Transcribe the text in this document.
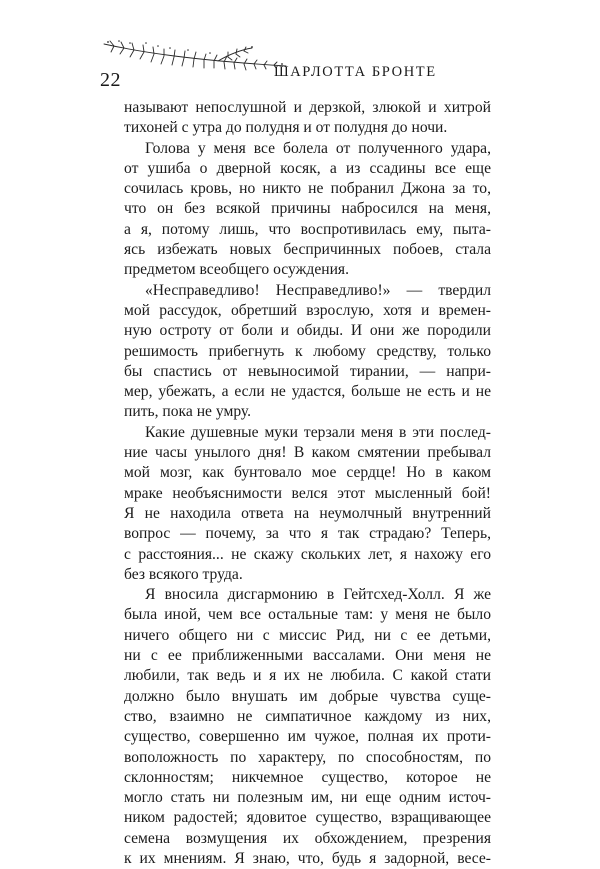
22	ШАРЛОТТА БРОНТЕ

называют непослушной и дерзкой, злюкой и хитрой

тихоней с утра до полудня и от полудня до ночи.

Голова у меня все болела от полученного удара,

от ушиба о дверной косяк, а из ссадины все еще

сочилась кровь, но никто не побранил Джона за то,

что он без всякой причины набросился на меня,

а я, потому лишь, что воспротивилась ему, пыта-

ясь избежать новых беспричинных побоев, стала

предметом всеобщего осуждения.

«Несправедливо! Несправедливо!» — твердил

мой рассудок, обретший взрослую, хотя и времен-

ную остроту от боли и обиды. И они же породили

решимость прибегнуть к любому средству, только

бы спастись от невыносимой тирании, — напри-

мер, убежать, а если не удастся, больше не есть и не

пить, пока не умру.

Какие душевные муки терзали меня в эти послед-

ние часы унылого дня! В каком смятении пребывал

мой мозг, как бунтовало мое сердце! Но в каком

мраке необъяснимости велся этот мысленный бой!

Я не находила ответа на неумолчный внутренний

вопрос — почему, за что я так страдаю? Теперь,

с расстояния... не скажу скольких лет, я нахожу его

без всякого труда.

Я вносила дисгармонию в Гейтсхед-Холл. Я же

была иной, чем все остальные там: у меня не было

ничего общего ни с миссис Рид, ни с ее детьми,

ни с ее приближенными вассалами. Они меня не

любили, так ведь и я их не любила. С какой стати

должно было внушать им добрые чувства суще-

ство, взаимно не симпатичное каждому из них,

существо, совершенно им чужое, полная их проти-

воположность по характеру, по способностям, по

склонностям; никчемное существо, которое не

могло стать ни полезным им, ни еще одним источ-

ником радостей; ядовитое существо, взращивающее

семена возмущения их обхождением, презрения

к их мнениям. Я знаю, что, будь я задорной, весе-
